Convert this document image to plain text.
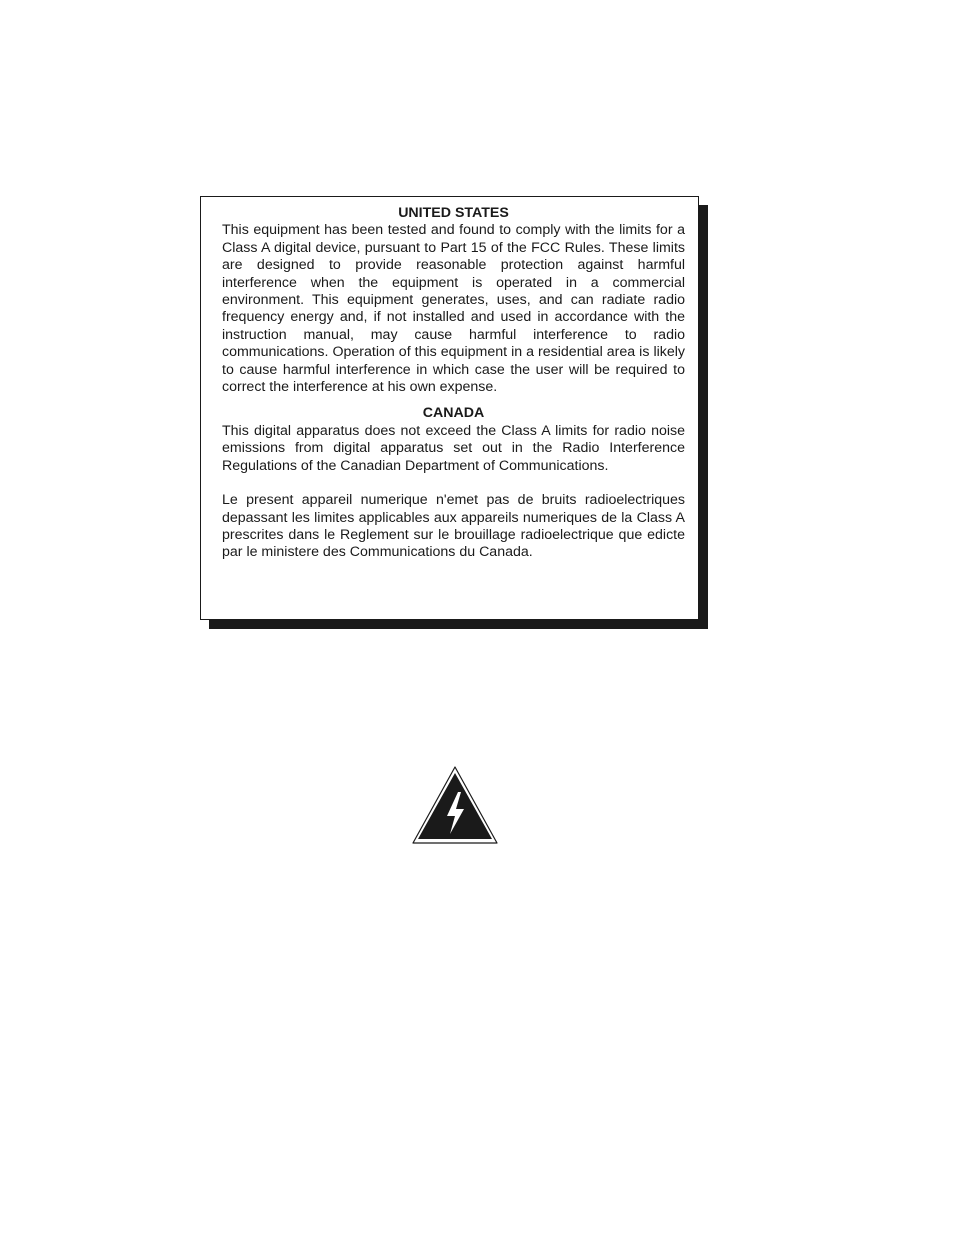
UNITED STATES

This equipment has been tested and found to comply with the limits for a Class A digital device, pursuant to Part 15 of the FCC Rules. These limits are designed to provide reasonable protection against harmful interference when the equipment is operated in a commercial environment. This equipment generates, uses, and can radiate radio frequency energy and, if not installed and used in accordance with the instruction manual, may cause harmful interference to radio communications. Operation of this equipment in a residential area is likely to cause harmful interference in which case the user will be required to correct the interference at his own expense.

CANADA

This digital apparatus does not exceed the Class A limits for radio noise emissions from digital apparatus set out in the Radio Interference Regulations of the Canadian Department of Communications.

Le present appareil numerique n'emet pas de bruits radioelectriques depassant les limites applicables aux appareils numeriques de la Class A prescrites dans le Reglement sur le brouillage radioelectrique que edicte par le ministere des Communications du Canada.
